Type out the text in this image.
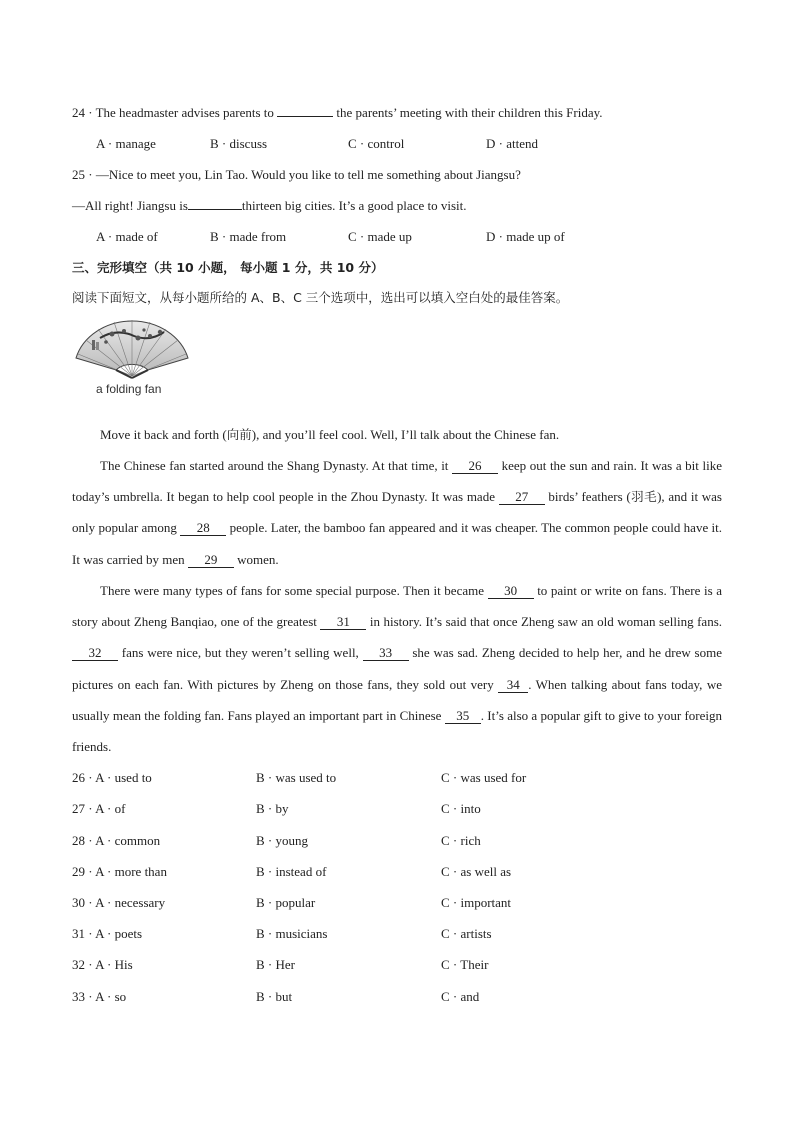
24 · The headmaster advises parents to	the parents’ meeting with their children this Friday.
A · manage	B · discuss	C · control	D · attend
25 · —Nice to meet you, Lin Tao. Would you like to tell me something about Jiangsu?
—All right! Jiangsu is	thirteen big cities. It’s a good place to visit.
A · made of	B · made from	C · made up	D · made up of
三、完形填空（共 10 小题， 每小题 1 分，共 10 分）
阅读下面短文，从每小题所给的 A、B、C 三个选项中，选出可以填入空白处的最佳答案。
a folding fan
Move it back and forth (向前), and you’ll feel cool. Well, I’ll talk about the Chinese fan.
The Chinese fan started around the Shang Dynasty. At that time, it 26 keep out the sun and rain. It was a bit like today’s umbrella. It began to help cool people in the Zhou Dynasty. It was made 27 birds’ feathers (羽毛), and it was only popular among 28 people. Later, the bamboo fan appeared and it was cheaper. The common people could have it. It was carried by men 29 women.
There were many types of fans for some special purpose. Then it became 30 to paint or write on fans. There is a story about Zheng Banqiao, one of the greatest 31 in history. It’s said that once Zheng saw an old woman selling fans. 32 fans were nice, but they weren’t selling well, 33 she was sad. Zheng decided to help her, and he drew some pictures on each fan. With pictures by Zheng on those fans, they sold out very 34 . When talking about fans today, we usually mean the folding fan. Fans played an important part in Chinese 35 . It’s also a popular gift to give to your foreign friends.
26 · A · used to	B · was used to	C · was used for
27 · A · of	B · by	C · into
28 · A · common	B · young	C · rich
29 · A · more than	B · instead of	C · as well as
30 · A · necessary	B · popular	C · important
31 · A · poets	B · musicians	C · artists
32 · A · His	B · Her	C · Their
33 · A · so	B · but	C · and
